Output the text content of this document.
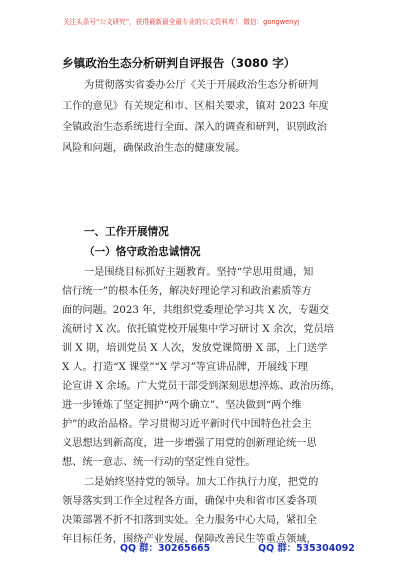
关注头条号“公文研究”，获得最新最全最专业的公文资料库！ 微信：gongwenyj
乡镇政治生态分析研判自评报告（3080 字）
为贯彻落实省委办公厅《关于开展政治生态分析研判
工作的意见》有关规定和市、区相关要求，镇对 2023 年度
全镇政治生态系统进行全面、深入的调查和研判，识别政治
风险和问题，确保政治生态的健康发展。
一、工作开展情况
（一）恪守政治忠诚情况
一是围绕目标抓好主题教育。坚持“学思用贯通，知
信行统一”的根本任务，解决好理论学习和政治素质等方
面的问题。2023 年，共组织党委理论学习共 X 次，专题交
流研讨 X 次。依托镇党校开展集中学习研讨 X 余次，党员培
训 X 期，培训党员 X 人次，发放党课简册 X 部，上门送学
X 人。打造“X 课堂”“X 学习”等宣讲品牌，开展线下理
论宣讲 X 余场。广大党员干部受到深刻思想淬炼、政治历练，
进一步锤炼了坚定拥护“两个确立”、坚决做到“两个维
护”的政治品格。学习贯彻习近平新时代中国特色社会主
义思想达到新高度，进一步增强了用党的创新理论统一思
想、统一意志、统一行动的坚定性自觉性。
二是始终坚持党的领导。加大工作执行力度，把党的
领导落实到工作全过程各方面，确保中央和省市区委各项
决策部署不折不扣落到实处。全力服务中心大局，紧扣全
年目标任务，围绕产业发展、保障改善民生等重点领域，
QQ 群：30265665	QQ 群：535304092
